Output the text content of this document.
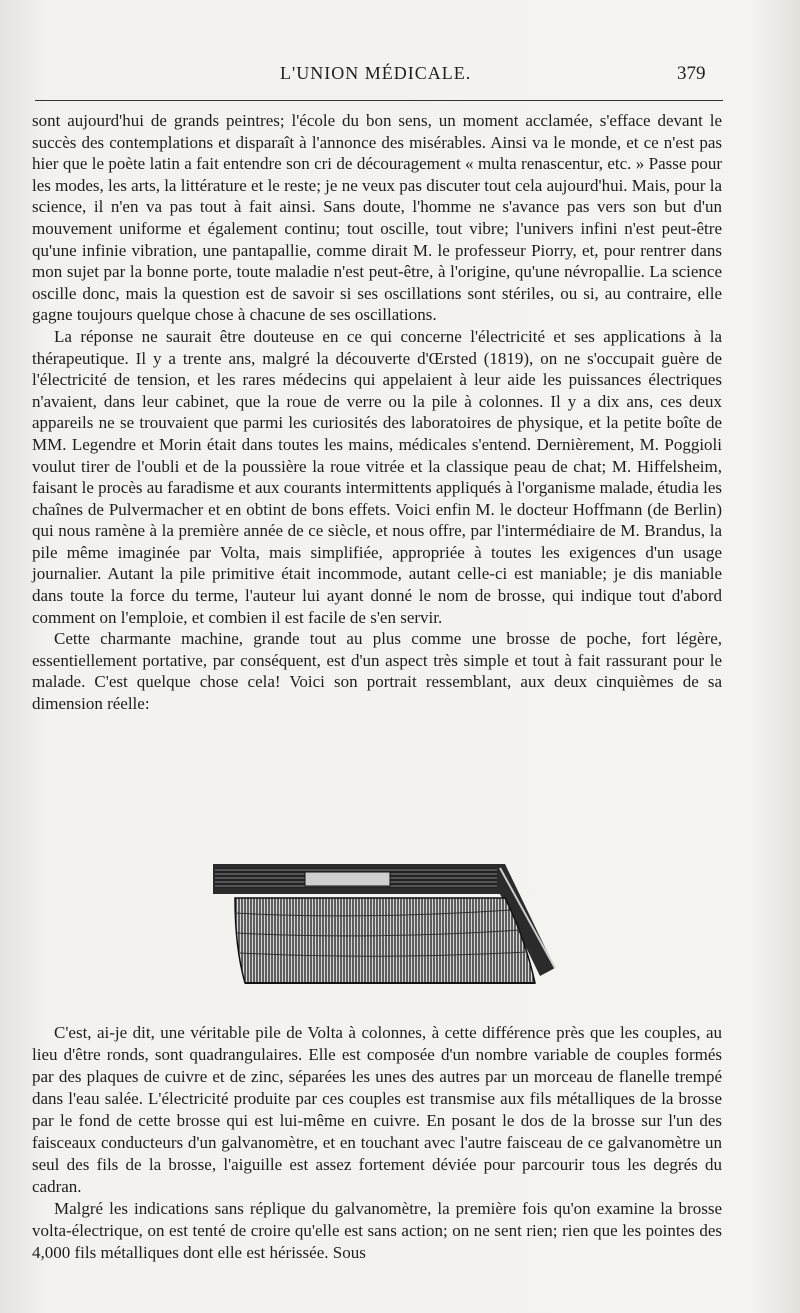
L'UNION MÉDICALE.	379

sont aujourd'hui de grands peintres; l'école du bon sens, un moment acclamée, s'efface devant le succès des contemplations et disparaît à l'annonce des misérables. Ainsi va le monde, et ce n'est pas hier que le poète latin a fait entendre son cri de découragement « multa renascentur, etc. » Passe pour les modes, les arts, la littérature et le reste; je ne veux pas discuter tout cela aujourd'hui. Mais, pour la science, il n'en va pas tout à fait ainsi. Sans doute, l'homme ne s'avance pas vers son but d'un mouvement uniforme et également continu; tout oscille, tout vibre; l'univers infini n'est peut-être qu'une infinie vibration, une pantapallie, comme dirait M. le professeur Piorry, et, pour rentrer dans mon sujet par la bonne porte, toute maladie n'est peut-être, à l'origine, qu'une névropallie. La science oscille donc, mais la question est de savoir si ses oscillations sont stériles, ou si, au contraire, elle gagne toujours quelque chose à chacune de ses oscillations.

La réponse ne saurait être douteuse en ce qui concerne l'électricité et ses applications à la thérapeutique. Il y a trente ans, malgré la découverte d'Œrsted (1819), on ne s'occupait guère de l'électricité de tension, et les rares médecins qui appelaient à leur aide les puissances électriques n'avaient, dans leur cabinet, que la roue de verre ou la pile à colonnes. Il y a dix ans, ces deux appareils ne se trouvaient que parmi les curiosités des laboratoires de physique, et la petite boîte de MM. Legendre et Morin était dans toutes les mains, médicales s'entend. Dernièrement, M. Poggioli voulut tirer de l'oubli et de la poussière la roue vitrée et la classique peau de chat; M. Hiffelsheim, faisant le procès au faradisme et aux courants intermittents appliqués à l'organisme malade, étudia les chaînes de Pulvermacher et en obtint de bons effets. Voici enfin M. le docteur Hoffmann (de Berlin) qui nous ramène à la première année de ce siècle, et nous offre, par l'intermédiaire de M. Brandus, la pile même imaginée par Volta, mais simplifiée, appropriée à toutes les exigences d'un usage journalier. Autant la pile primitive était incommode, autant celle-ci est maniable; je dis maniable dans toute la force du terme, l'auteur lui ayant donné le nom de brosse, qui indique tout d'abord comment on l'emploie, et combien il est facile de s'en servir.

Cette charmante machine, grande tout au plus comme une brosse de poche, fort légère, essentiellement portative, par conséquent, est d'un aspect très simple et tout à fait rassurant pour le malade. C'est quelque chose cela! Voici son portrait ressemblant, aux deux cinquièmes de sa dimension réelle:

C'est, ai-je dit, une véritable pile de Volta à colonnes, à cette différence près que les couples, au lieu d'être ronds, sont quadrangulaires. Elle est composée d'un nombre variable de couples formés par des plaques de cuivre et de zinc, séparées les unes des autres par un morceau de flanelle trempé dans l'eau salée. L'électricité produite par ces couples est transmise aux fils métalliques de la brosse par le fond de cette brosse qui est lui-même en cuivre. En posant le dos de la brosse sur l'un des faisceaux conducteurs d'un galvanomètre, et en touchant avec l'autre faisceau de ce galvanomètre un seul des fils de la brosse, l'aiguille est assez fortement déviée pour parcourir tous les degrés du cadran.

Malgré les indications sans réplique du galvanomètre, la première fois qu'on examine la brosse volta-électrique, on est tenté de croire qu'elle est sans action; on ne sent rien; rien que les pointes des 4,000 fils métalliques dont elle est hérissée. Sous
